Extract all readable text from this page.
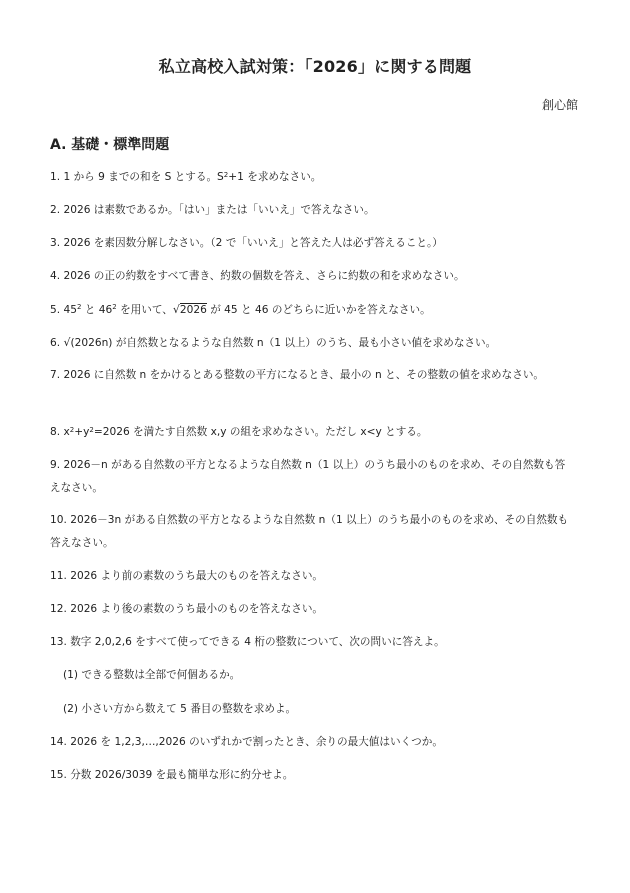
私立高校入試対策：「2026」に関する問題
創心館
A. 基礎・標準問題
1. 1 から 9 までの和を S とする。$S^2+1$ を求めなさい。
2. 2026 は素数であるか。「はい」または「いいえ」で答えなさい。
3. 2026 を素因数分解しなさい。（2 で「いいえ」と答えた人は必ず答えること。）
4. 2026 の正の約数をすべて書き、約数の個数を答え、さらに約数の和を求めなさい。
5. $45^2$ と $46^2$ を用いて、√2026 が 45 と 46 のどちらに近いかを答えなさい。
6. √(2026n) が自然数となるような自然数 n（1 以上）のうち、最も小さい値を求めなさい。
7. 2026 に自然数 n をかけるとある整数の平方になるとき、最小の n と、その整数の値を求めなさい。
8. $x^2+y^2=2026$ を満たす自然数 x,y の組を求めなさい。ただし x<y とする。
9. 2026－n がある自然数の平方となるような自然数 n（1 以上）のうち最小のものを求め、その自然数も答えなさい。
10. 2026－3n がある自然数の平方となるような自然数 n（1 以上）のうち最小のものを求め、その自然数も答えなさい。
11. 2026 より前の素数のうち最大のものを答えなさい。
12. 2026 より後の素数のうち最小のものを答えなさい。
13. 数字 2,0,2,6 をすべて使ってできる 4 桁の整数について、次の問いに答えよ。
(1) できる整数は全部で何個あるか。
(2) 小さい方から数えて 5 番目の整数を求めよ。
14. 2026 を 1,2,3,…,2026 のいずれかで割ったとき、余りの最大値はいくつか。
15. 分数 2026/3039 を最も簡単な形に約分せよ。
